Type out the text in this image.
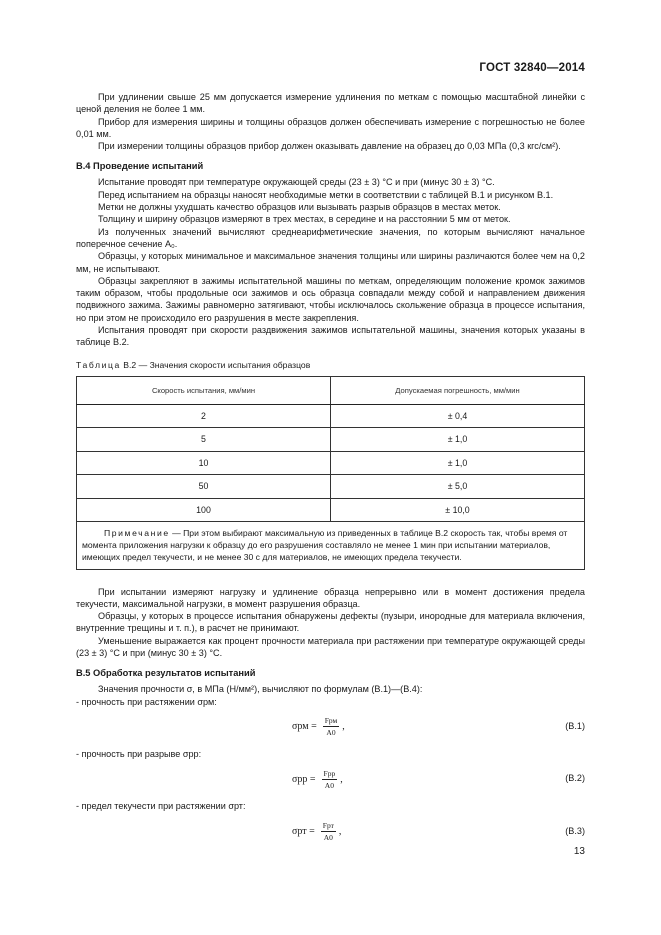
ГОСТ 32840—2014

При удлинении свыше 25 мм допускается измерение удлинения по меткам с помощью масштабной линейки с ценой деления не более 1 мм.

Прибор для измерения ширины и толщины образцов должен обеспечивать измерение с погрешностью не более 0,01 мм.

При измерении толщины образцов прибор должен оказывать давление на образец до 0,03 МПа (0,3 кгс/см²).

В.4 Проведение испытаний

Испытание проводят при температуре окружающей среды (23 ± 3) °С и при (минус 30 ± 3) °С.

Перед испытанием на образцы наносят необходимые метки в соответствии с таблицей В.1 и рисунком В.1.

Метки не должны ухудшать качество образцов или вызывать разрыв образцов в местах меток.

Толщину и ширину образцов измеряют в трех местах, в середине и на расстоянии 5 мм от меток.

Из полученных значений вычисляют среднеарифметические значения, по которым вычисляют начальное поперечное сечение A₀.

Образцы, у которых минимальное и максимальное значения толщины или ширины различаются более чем на 0,2 мм, не испытывают.

Образцы закрепляют в зажимы испытательной машины по меткам, определяющим положение кромок зажимов таким образом, чтобы продольные оси зажимов и ось образца совпадали между собой и направлением движения подвижного зажима. Зажимы равномерно затягивают, чтобы исключалось скольжение образца в процессе испытания, но при этом не происходило его разрушения в месте закрепления.

Испытания проводят при скорости раздвижения зажимов испытательной машины, значения которых указаны в таблице В.2.

Таблица В.2 — Значения скорости испытания образцов
Скорость испытания, мм/мин	Допускаемая погрешность, мм/мин
2	± 0,4
5	± 1,0
10	± 1,0
50	± 5,0
100	± 10,0
Примечание — При этом выбирают максимальную из приведенных в таблице В.2 скорость так, чтобы время от момента приложения нагрузки к образцу до его разрушения составляло не менее 1 мин при испытании материалов, имеющих предел текучести, и не менее 30 с для материалов, не имеющих предела текучести.	

При испытании измеряют нагрузку и удлинение образца непрерывно или в момент достижения предела текучести, максимальной нагрузки, в момент разрушения образца.

Образцы, у которых в процессе испытания обнаружены дефекты (пузыри, инородные для материала включения, внутренние трещины и т. п.), в расчет не принимают.

Уменьшение выражается как процент прочности материала при растяжении при температуре окружающей среды (23 ± 3) °С и при (минус 30 ± 3) °С.

В.5 Обработка результатов испытаний

Значения прочности σ, в МПа (Н/мм²), вычисляют по формулам (В.1)—(В.4):

- прочность при растяжении σрм:

$\sigma рм = \frac{\text{Fрм}}{A0}$ ,	(В.1)

- прочность при разрыве σрр:

$\sigma рр = \frac{\text{Fрр}}{A0}$ ,	(В.2)

- предел текучести при растяжении σрт:

$\sigma рт = \frac{\text{Fрт}}{A0}$ ,	(В.3)
13
